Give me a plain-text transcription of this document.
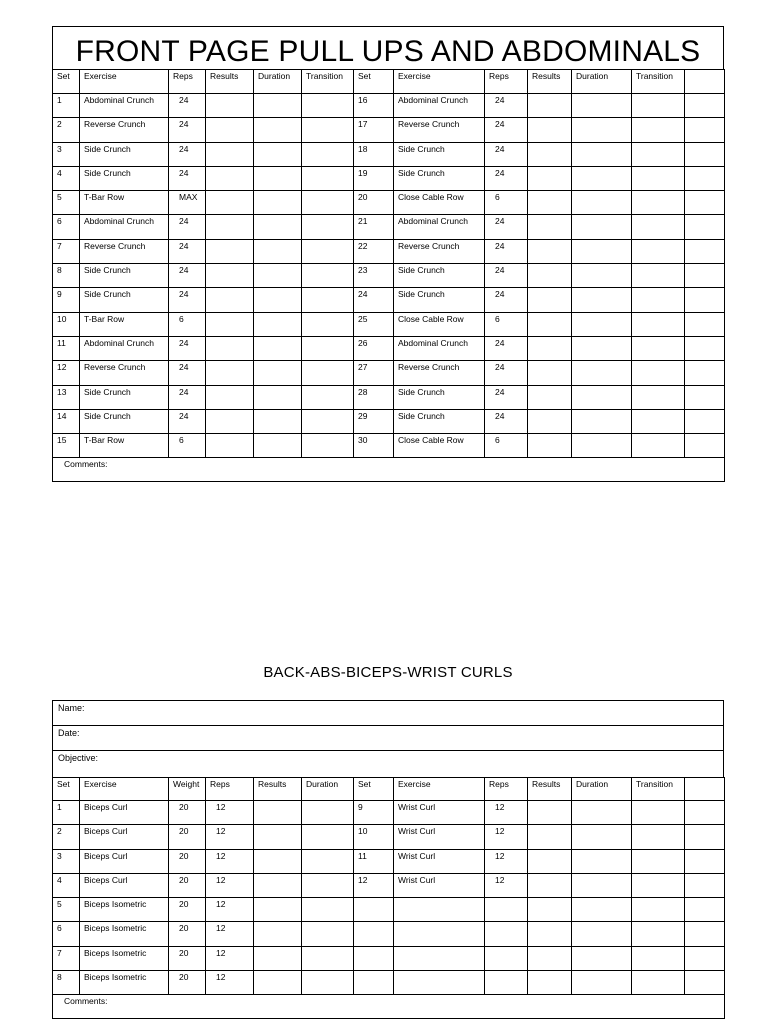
FRONT PAGE PULL UPS AND ABDOMINALS
Set	Exercise	Reps	Results	Duration	Transition	Set	Exercise	Reps	Results	Duration	Transition	
1	Abdominal Crunch	24				16	Abdominal Crunch	24				
2	Reverse Crunch	24				17	Reverse Crunch	24				
3	Side Crunch	24				18	Side Crunch	24				
4	Side Crunch	24				19	Side Crunch	24				
5	T-Bar Row	MAX				20	Close Cable Row	6				
6	Abdominal Crunch	24				21	Abdominal Crunch	24				
7	Reverse Crunch	24				22	Reverse Crunch	24				
8	Side Crunch	24				23	Side Crunch	24				
9	Side Crunch	24				24	Side Crunch	24				
10	T-Bar Row	6				25	Close Cable Row	6				
11	Abdominal Crunch	24				26	Abdominal Crunch	24				
12	Reverse Crunch	24				27	Reverse Crunch	24				
13	Side Crunch	24				28	Side Crunch	24				
14	Side Crunch	24				29	Side Crunch	24				
15	T-Bar Row	6				30	Close Cable Row	6				
Comments:												
BACK-ABS-BICEPS-WRIST CURLS
Name:
Date:
Objective:
Set	Exercise	Weight	Reps	Results	Duration	Set	Exercise	Reps	Results	Duration	Transition	
1	Biceps Curl	20	12			9	Wrist Curl	12				
2	Biceps Curl	20	12			10	Wrist Curl	12				
3	Biceps Curl	20	12			11	Wrist Curl	12				
4	Biceps Curl	20	12			12	Wrist Curl	12				
5	Biceps Isometric	20	12									
6	Biceps Isometric	20	12									
7	Biceps Isometric	20	12									
8	Biceps Isometric	20	12									
Comments:												
